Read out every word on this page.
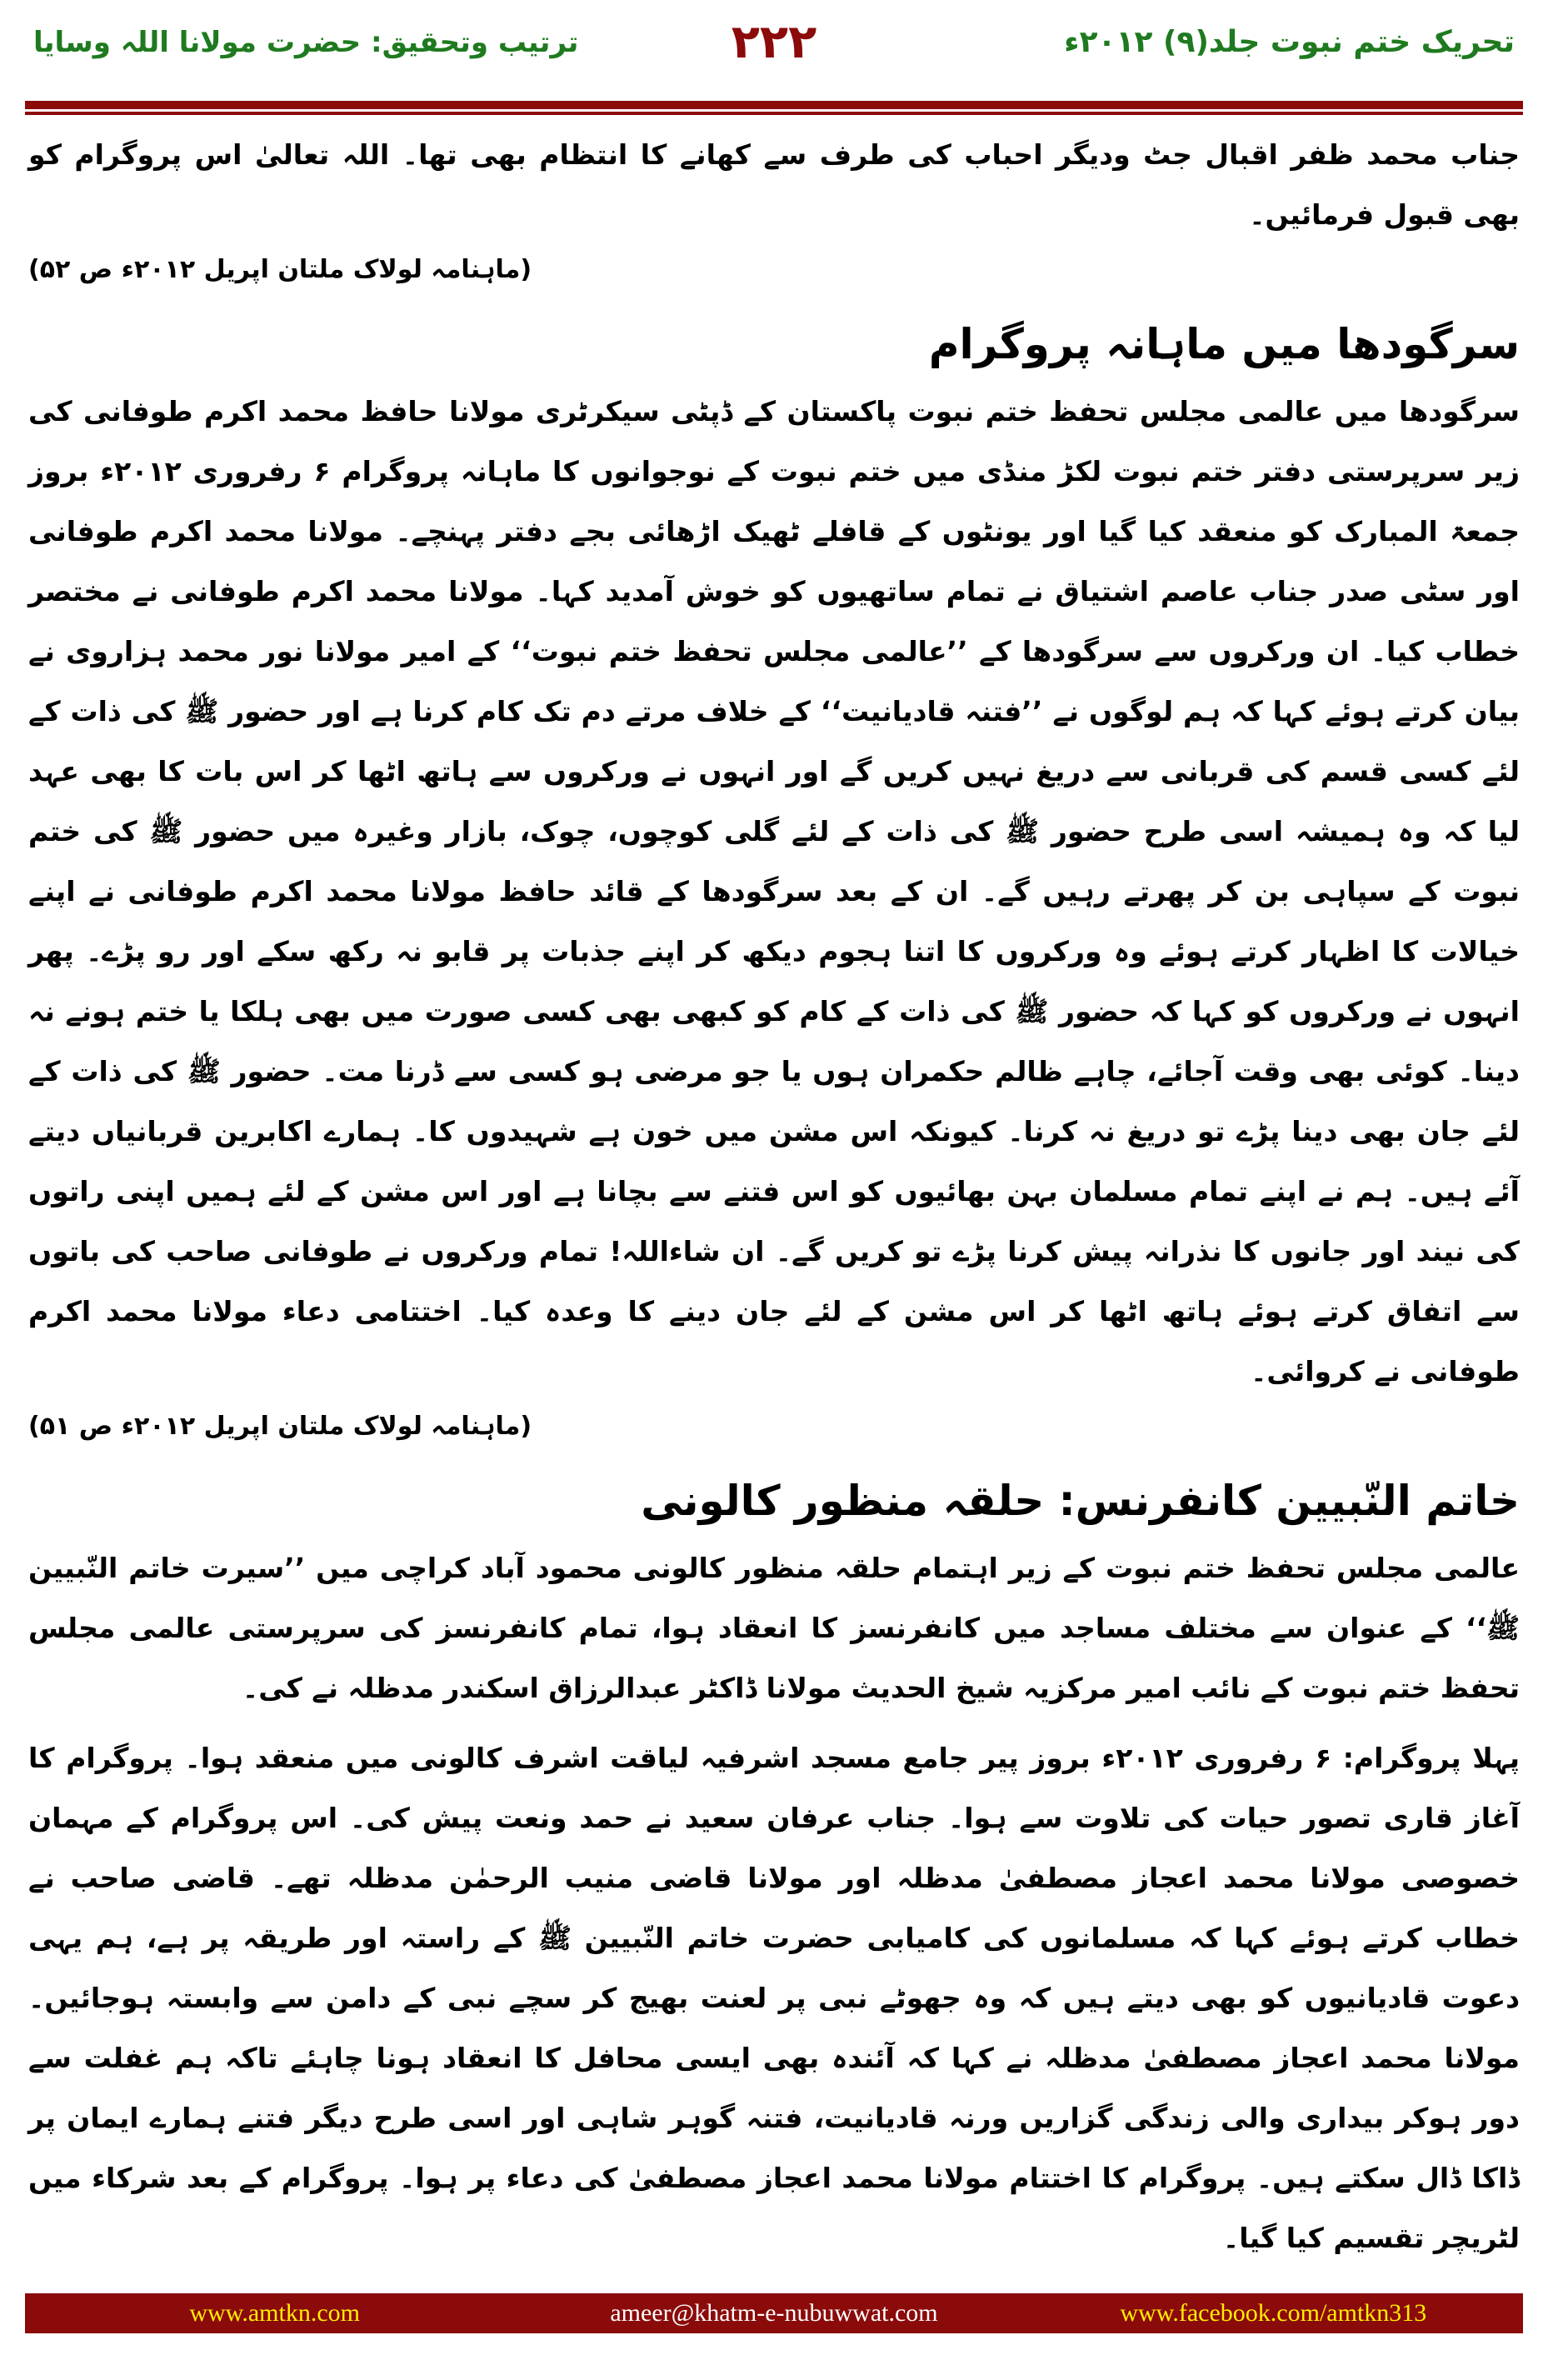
تحریک ختم نبوت جلد(۹) ۲۰۱۲ء
۲۲۲
ترتیب وتحقیق: حضرت مولانا اللہ وسایا

جناب محمد ظفر اقبال جٹ ودیگر احباب کی طرف سے کھانے کا انتظام بھی تھا۔ اللہ تعالیٰ اس پروگرام کو بھی قبول فرمائیں۔

(ماہنامہ لولاک ملتان اپریل ۲۰۱۲ء ص ۵۲)
سرگودھا میں ماہانہ پروگرام

سرگودھا میں عالمی مجلس تحفظ ختم نبوت پاکستان کے ڈپٹی سیکرٹری مولانا حافظ محمد اکرم طوفانی کی زیر سرپرستی دفتر ختم نبوت لکڑ منڈی میں ختم نبوت کے نوجوانوں کا ماہانہ پروگرام ۶ رفروری ۲۰۱۲ء بروز جمعۃ المبارک کو منعقد کیا گیا اور یونٹوں کے قافلے ٹھیک اڑھائی بجے دفتر پہنچے۔ مولانا محمد اکرم طوفانی اور سٹی صدر جناب عاصم اشتیاق نے تمام ساتھیوں کو خوش آمدید کہا۔ مولانا محمد اکرم طوفانی نے مختصر خطاب کیا۔ ان ورکروں سے سرگودھا کے ’’عالمی مجلس تحفظ ختم نبوت‘‘ کے امیر مولانا نور محمد ہزاروی نے بیان کرتے ہوئے کہا کہ ہم لوگوں نے ’’فتنہ قادیانیت‘‘ کے خلاف مرتے دم تک کام کرنا ہے اور حضور ﷺ کی ذات کے لئے کسی قسم کی قربانی سے دریغ نہیں کریں گے اور انہوں نے ورکروں سے ہاتھ اٹھا کر اس بات کا بھی عہد لیا کہ وہ ہمیشہ اسی طرح حضور ﷺ کی ذات کے لئے گلی کوچوں، چوک، بازار وغیرہ میں حضور ﷺ کی ختم نبوت کے سپاہی بن کر پھرتے رہیں گے۔ ان کے بعد سرگودھا کے قائد حافظ مولانا محمد اکرم طوفانی نے اپنے خیالات کا اظہار کرتے ہوئے وہ ورکروں کا اتنا ہجوم دیکھ کر اپنے جذبات پر قابو نہ رکھ سکے اور رو پڑے۔ پھر انہوں نے ورکروں کو کہا کہ حضور ﷺ کی ذات کے کام کو کبھی بھی کسی صورت میں بھی ہلکا یا ختم ہونے نہ دینا۔ کوئی بھی وقت آجائے، چاہے ظالم حکمران ہوں یا جو مرضی ہو کسی سے ڈرنا مت۔ حضور ﷺ کی ذات کے لئے جان بھی دینا پڑے تو دریغ نہ کرنا۔ کیونکہ اس مشن میں خون ہے شہیدوں کا۔ ہمارے اکابرین قربانیاں دیتے آئے ہیں۔ ہم نے اپنے تمام مسلمان بہن بھائیوں کو اس فتنے سے بچانا ہے اور اس مشن کے لئے ہمیں اپنی راتوں کی نیند اور جانوں کا نذرانہ پیش کرنا پڑے تو کریں گے۔ ان شاءاللہ! تمام ورکروں نے طوفانی صاحب کی باتوں سے اتفاق کرتے ہوئے ہاتھ اٹھا کر اس مشن کے لئے جان دینے کا وعدہ کیا۔ اختتامی دعاء مولانا محمد اکرم طوفانی نے کروائی۔

(ماہنامہ لولاک ملتان اپریل ۲۰۱۲ء ص ۵۱)
خاتم النّبیین کانفرنس: حلقہ منظور کالونی

عالمی مجلس تحفظ ختم نبوت کے زیر اہتمام حلقہ منظور کالونی محمود آباد کراچی میں ’’سیرت خاتم النّبیین ﷺ‘‘ کے عنوان سے مختلف مساجد میں کانفرنسز کا انعقاد ہوا، تمام کانفرنسز کی سرپرستی عالمی مجلس تحفظ ختم نبوت کے نائب امیر مرکزیہ شیخ الحدیث مولانا ڈاکٹر عبدالرزاق اسکندر مدظلہ نے کی۔

پہلا پروگرام: ۶ رفروری ۲۰۱۲ء بروز پیر جامع مسجد اشرفیہ لیاقت اشرف کالونی میں منعقد ہوا۔ پروگرام کا آغاز قاری تصور حیات کی تلاوت سے ہوا۔ جناب عرفان سعید نے حمد ونعت پیش کی۔ اس پروگرام کے مہمان خصوصی مولانا محمد اعجاز مصطفیٰ مدظلہ اور مولانا قاضی منیب الرحمٰن مدظلہ تھے۔ قاضی صاحب نے خطاب کرتے ہوئے کہا کہ مسلمانوں کی کامیابی حضرت خاتم النّبیین ﷺ کے راستہ اور طریقہ پر ہے، ہم یہی دعوت قادیانیوں کو بھی دیتے ہیں کہ وہ جھوٹے نبی پر لعنت بھیج کر سچے نبی کے دامن سے وابستہ ہوجائیں۔ مولانا محمد اعجاز مصطفیٰ مدظلہ نے کہا کہ آئندہ بھی ایسی محافل کا انعقاد ہونا چاہئے تاکہ ہم غفلت سے دور ہوکر بیداری والی زندگی گزاریں ورنہ قادیانیت، فتنہ گوہر شاہی اور اسی طرح دیگر فتنے ہمارے ایمان پر ڈاکا ڈال سکتے ہیں۔ پروگرام کا اختتام مولانا محمد اعجاز مصطفیٰ کی دعاء پر ہوا۔ پروگرام کے بعد شرکاء میں لٹریچر تقسیم کیا گیا۔

www.amtkn.com	ameer@khatm-e-nubuwwat.com	www.facebook.com/amtkn313
